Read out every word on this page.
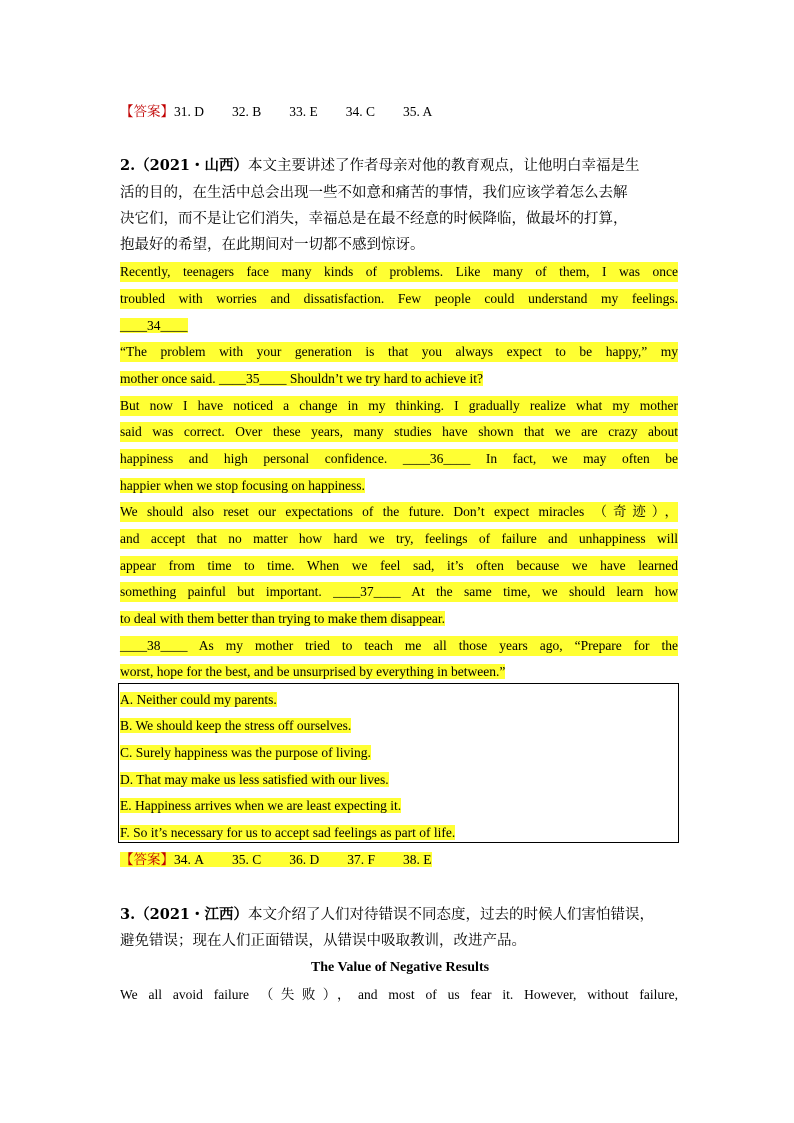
【答案】31. D 32. B 33. E 34. C 35. A
2.（2021・山西）本文主要讲述了作者母亲对他的教育观点，让他明白幸福是生
活的目的，在生活中总会出现一些不如意和痛苦的事情，我们应该学着怎么去解
决它们，而不是让它们消失，幸福总是在最不经意的时候降临，做最坏的打算，
抱最好的希望，在此期间对一切都不感到惊讶。
Recently, teenagers face many kinds of problems. Like many of them, I was once
troubled with worries and dissatisfaction. Few people could understand my feelings.
____34____
“The problem with your generation is that you always expect to be happy,” my
mother once said. ____35____ Shouldn’t we try hard to achieve it?
But now I have noticed a change in my thinking. I gradually realize what my mother
said was correct. Over these years, many studies have shown that we are crazy about
happiness and high personal confidence. ____36____ In fact, we may often be
happier when we stop focusing on happiness.
We should also reset our expectations of the future. Don’t expect miracles （奇迹），
and accept that no matter how hard we try, feelings of failure and unhappiness will
appear from time to time. When we feel sad, it’s often because we have learned
something painful but important. ____37____ At the same time, we should learn how
to deal with them better than trying to make them disappear.
____38____ As my mother tried to teach me all those years ago, “Prepare for the
worst, hope for the best, and be unsurprised by everything in between.”
A. Neither could my parents.
B. We should keep the stress off ourselves.
C. Surely happiness was the purpose of living.
D. That may make us less satisfied with our lives.
E. Happiness arrives when we are least expecting it.
F. So it’s necessary for us to accept sad feelings as part of life.
【答案】34. A 35. C 36. D 37. F 38. E
3.（2021・江西）本文介绍了人们对待错误不同态度，过去的时候人们害怕错误，
避免错误；现在人们正面错误，从错误中吸取教训，改进产品。
The Value of Negative Results
We all avoid failure （失败），and most of us fear it. However, without failure,
